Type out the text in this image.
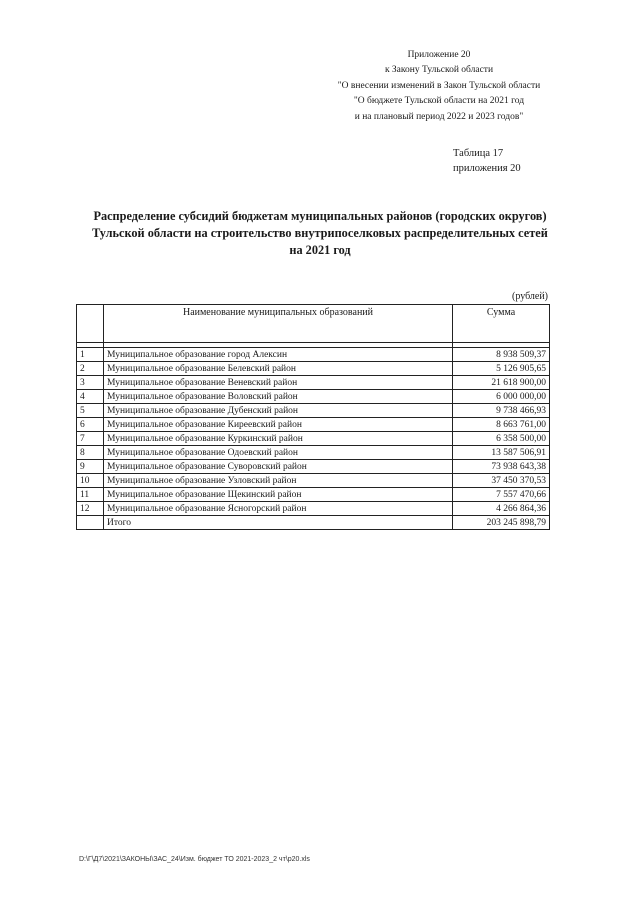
Приложение 20
к Закону Тульской области
"О внесении изменений в Закон Тульской области
"О бюджете Тульской области на 2021 год
и на плановый период 2022 и 2023 годов"
Таблица 17
приложения 20
Распределение субсидий бюджетам муниципальных районов (городских округов)
Тульской области на строительство внутрипоселковых распределительных сетей
на 2021 год
(рублей)
	Наименование муниципальных образований	Сумма

1	Муниципальное образование город Алексин	8 938 509,37
2	Муниципальное образование Белевский район	5 126 905,65
3	Муниципальное образование Веневский район	21 618 900,00
4	Муниципальное образование Воловский район	6 000 000,00
5	Муниципальное образование Дубенский район	9 738 466,93
6	Муниципальное образование Киреевский район	8 663 761,00
7	Муниципальное образование Куркинский район	6 358 500,00
8	Муниципальное образование Одоевский район	13 587 506,91
9	Муниципальное образование Суворовский район	73 938 643,38
10	Муниципальное образование Узловский район	37 450 370,53
11	Муниципальное образование Щекинский район	7 557 470,66
12	Муниципальное образование Ясногорский район	4 266 864,36
	Итого	203 245 898,79
D:\Г\Д7\2021\ЗАКОНЫ\ЗАС_24\Изм. бюджет ТО 2021-2023_2 чт\р20.xls
